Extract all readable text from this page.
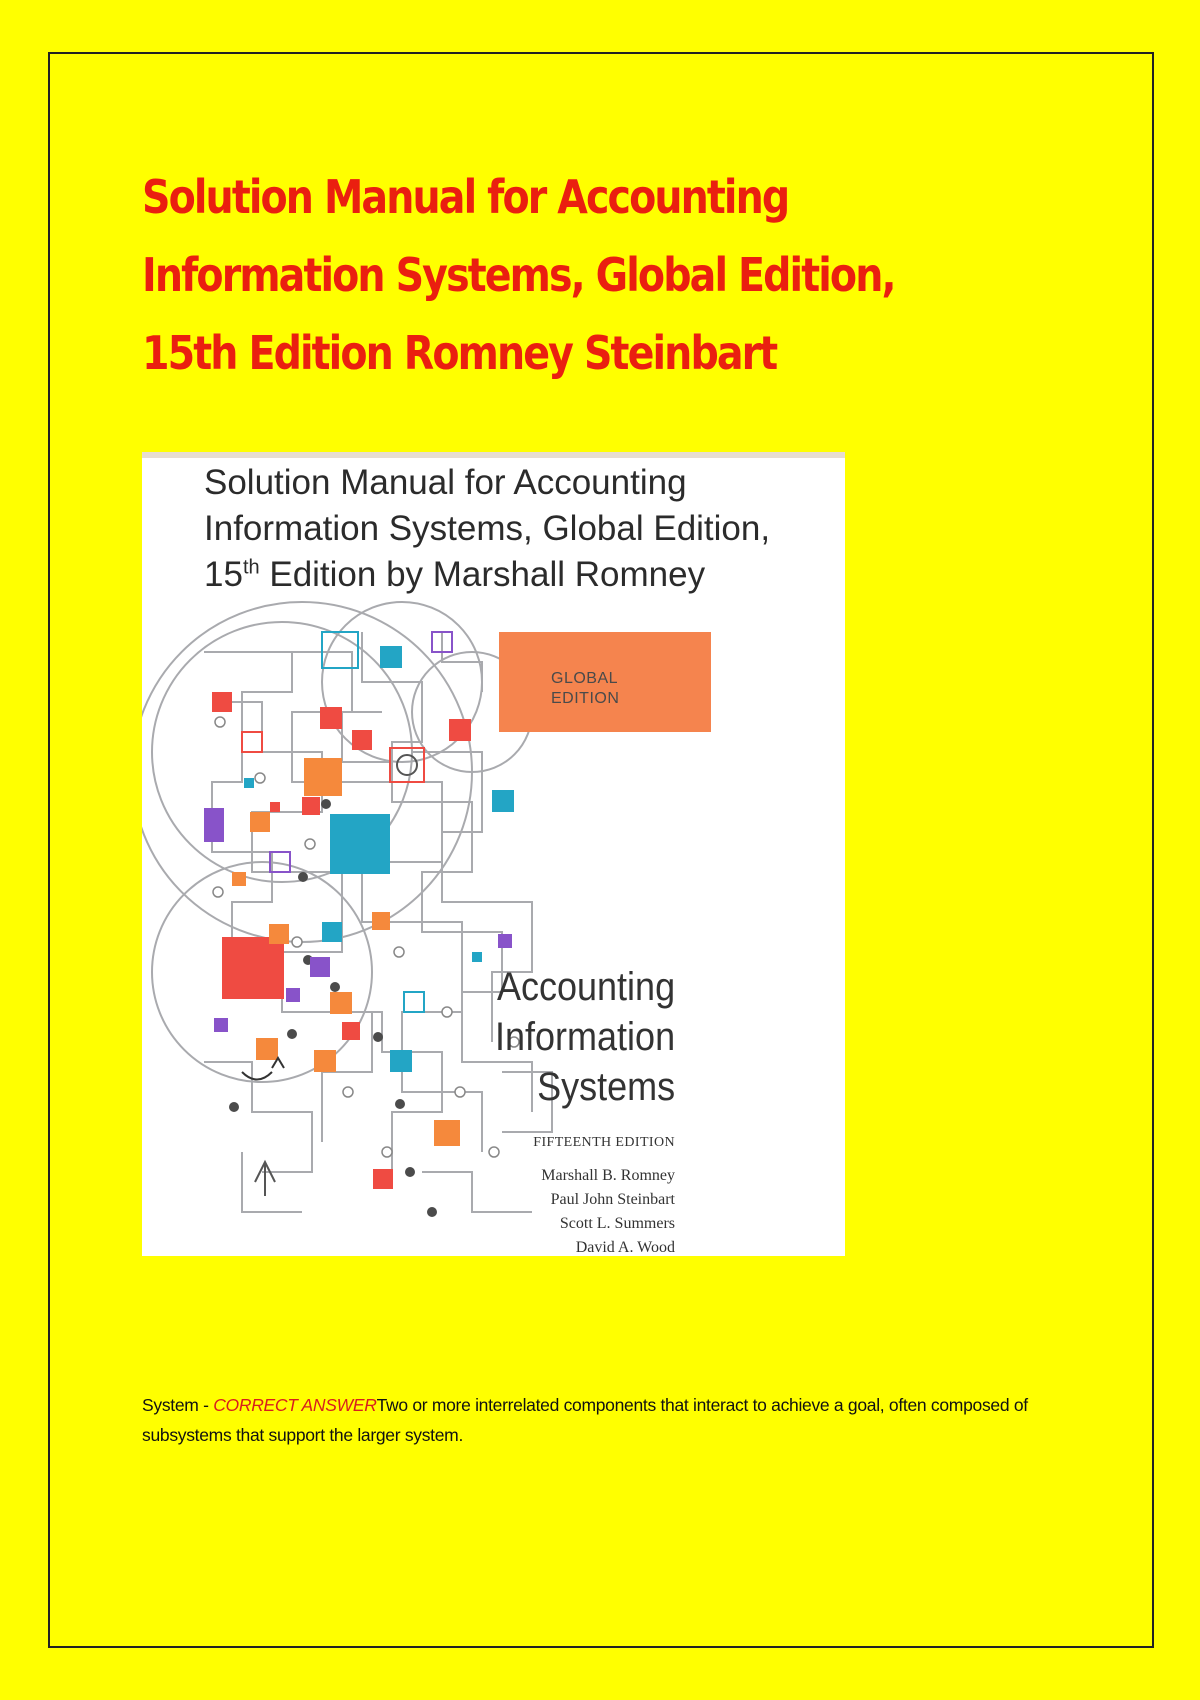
Solution Manual for Accounting Information Systems, Global Edition, 15th Edition Romney Steinbart
Solution Manual for Accounting
Information Systems, Global Edition,
15th Edition by Marshall Romney
GLOBAL
EDITION
Accounting
Information
Systems
FIFTEENTH EDITION
Marshall B. Romney
Paul John Steinbart
Scott L. Summers
David A. Wood

System - CORRECT ANSWERTwo or more interrelated components that interact to achieve a goal, often composed of subsystems that support the larger system.
